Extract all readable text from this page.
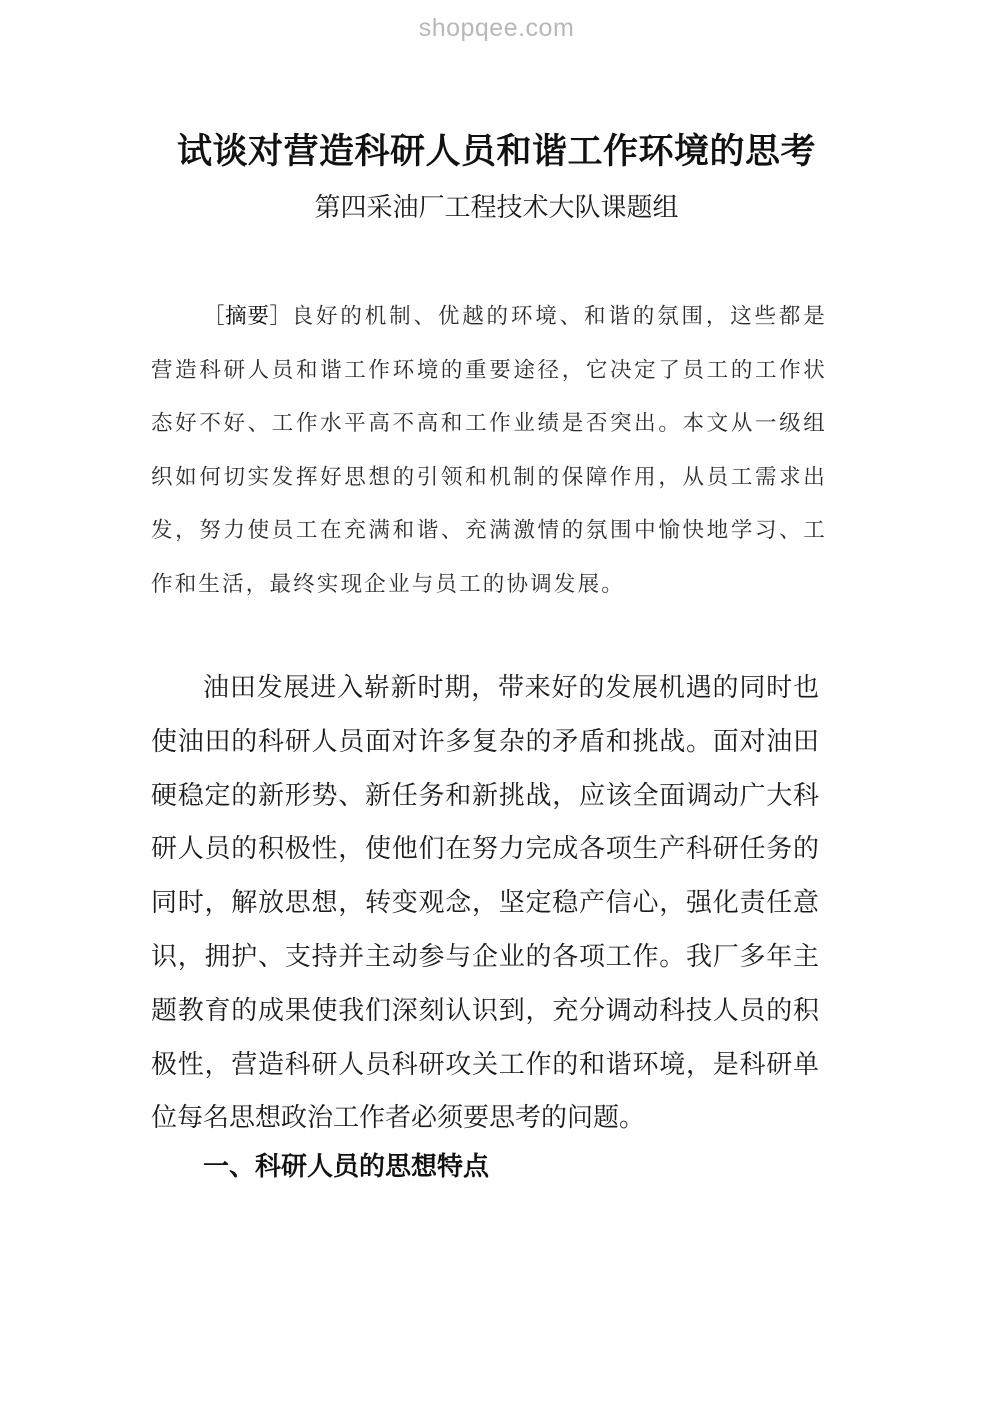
shopqee.com
试谈对营造科研人员和谐工作环境的思考
第四采油厂工程技术大队课题组

［摘要］良好的机制、优越的环境、和谐的氛围，这些都是营造科研人员和谐工作环境的重要途径，它决定了员工的工作状态好不好、工作水平高不高和工作业绩是否突出。本文从一级组织如何切实发挥好思想的引领和机制的保障作用，从员工需求出发，努力使员工在充满和谐、充满激情的氛围中愉快地学习、工作和生活，最终实现企业与员工的协调发展。

油田发展进入崭新时期，带来好的发展机遇的同时也使油田的科研人员面对许多复杂的矛盾和挑战。面对油田硬稳定的新形势、新任务和新挑战，应该全面调动广大科研人员的积极性，使他们在努力完成各项生产科研任务的同时，解放思想，转变观念，坚定稳产信心，强化责任意识，拥护、支持并主动参与企业的各项工作。我厂多年主题教育的成果使我们深刻认识到，充分调动科技人员的积极性，营造科研人员科研攻关工作的和谐环境，是科研单位每名思想政治工作者必须要思考的问题。

一、科研人员的思想特点
